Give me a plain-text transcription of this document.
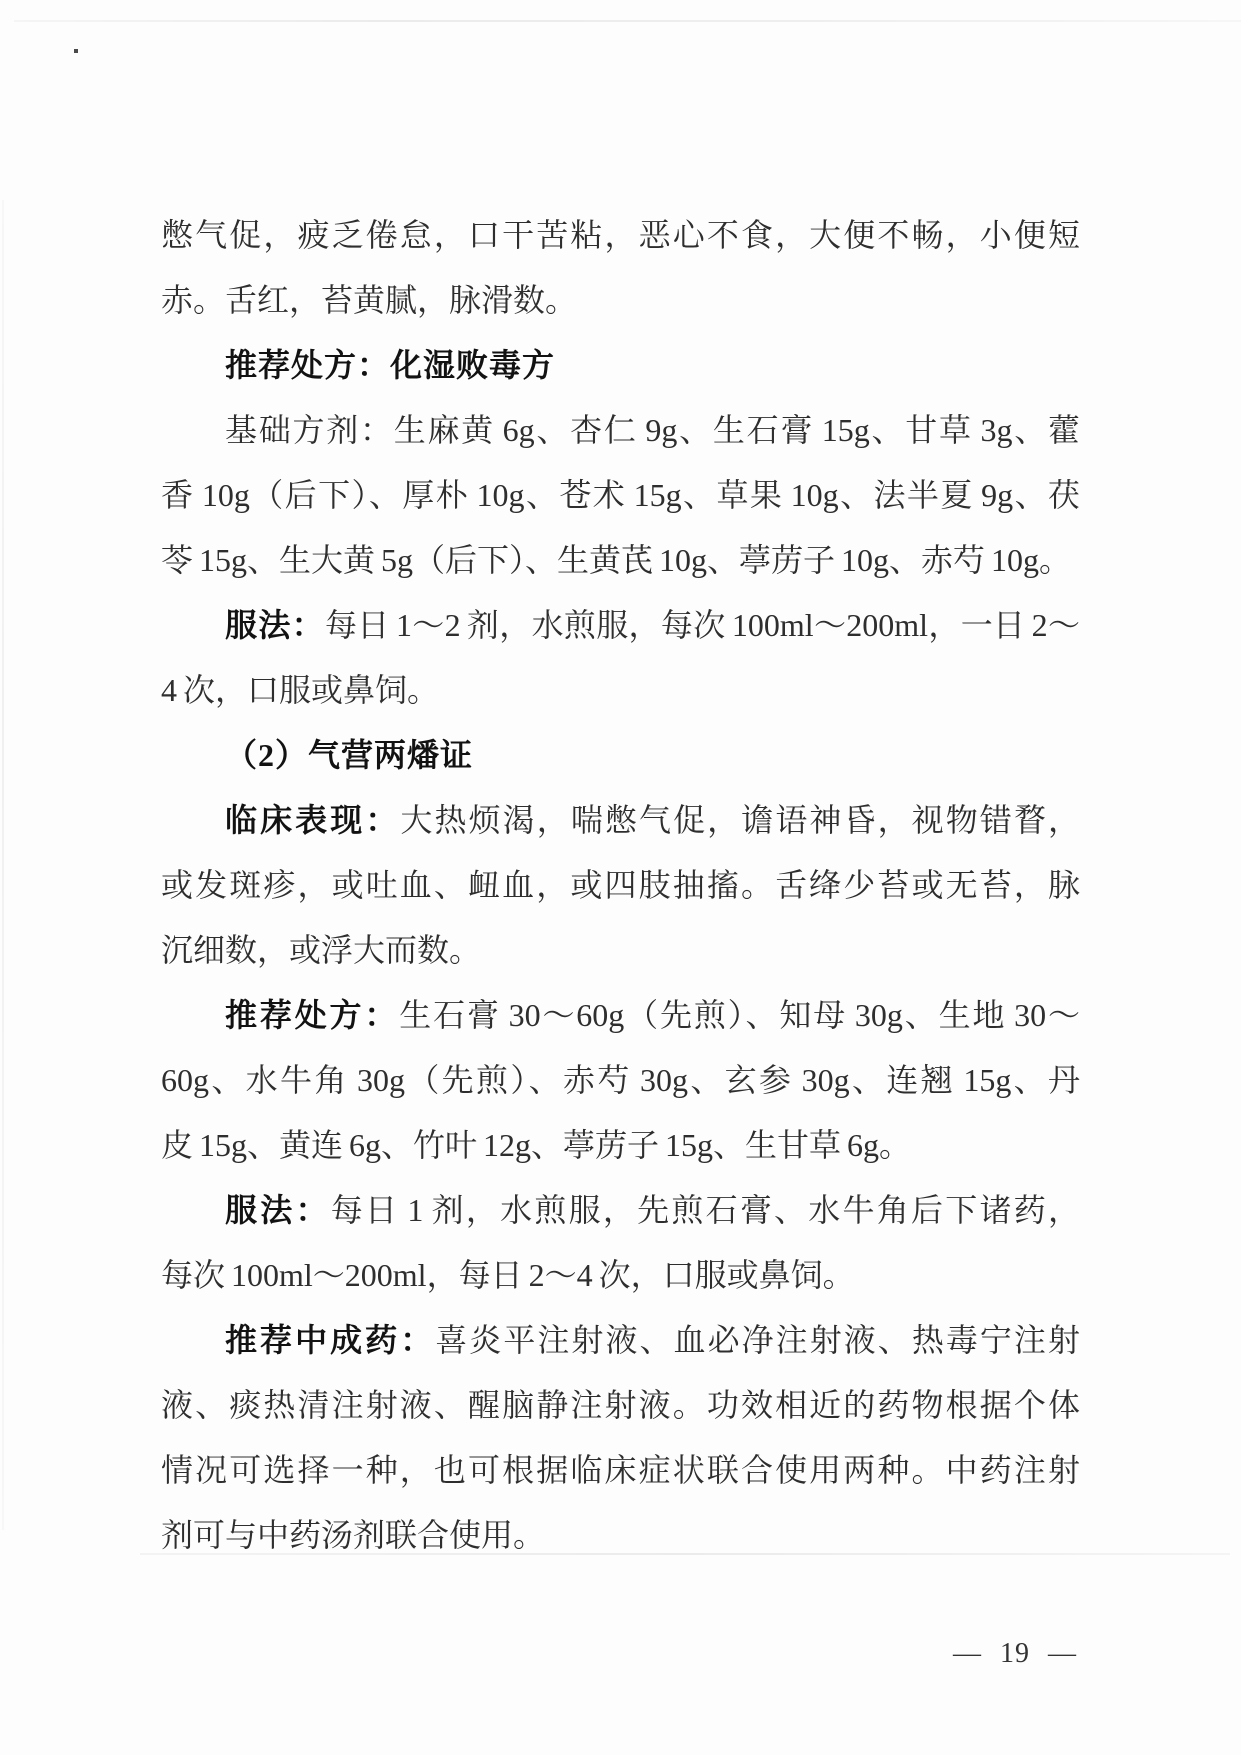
憋气促，疲乏倦怠，口干苦粘，恶心不食，大便不畅，小便短
赤。舌红，苔黄腻，脉滑数。
推荐处方：化湿败毒方
基础方剂：生麻黄 6g、杏仁 9g、生石膏 15g、甘草 3g、藿
香 10g（后下）、厚朴 10g、苍术 15g、草果 10g、法半夏 9g、茯
苓 15g、生大黄 5g（后下）、生黄芪 10g、葶苈子 10g、赤芍 10g。
服法：每日 1～2 剂，水煎服，每次 100ml～200ml，一日 2～
4 次，口服或鼻饲。
（2）气营两燔证
临床表现：大热烦渴，喘憋气促，谵语神昏，视物错瞀，
或发斑疹，或吐血、衄血，或四肢抽搐。舌绛少苔或无苔，脉
沉细数，或浮大而数。
推荐处方：生石膏 30～60g（先煎）、知母 30g、生地 30～
60g、水牛角 30g（先煎）、赤芍 30g、玄参 30g、连翘 15g、丹
皮 15g、黄连 6g、竹叶 12g、葶苈子 15g、生甘草 6g。
服法：每日 1 剂，水煎服，先煎石膏、水牛角后下诸药，
每次 100ml～200ml，每日 2～4 次，口服或鼻饲。
推荐中成药：喜炎平注射液、血必净注射液、热毒宁注射
液、痰热清注射液、醒脑静注射液。功效相近的药物根据个体
情况可选择一种，也可根据临床症状联合使用两种。中药注射
剂可与中药汤剂联合使用。
— 19 —
